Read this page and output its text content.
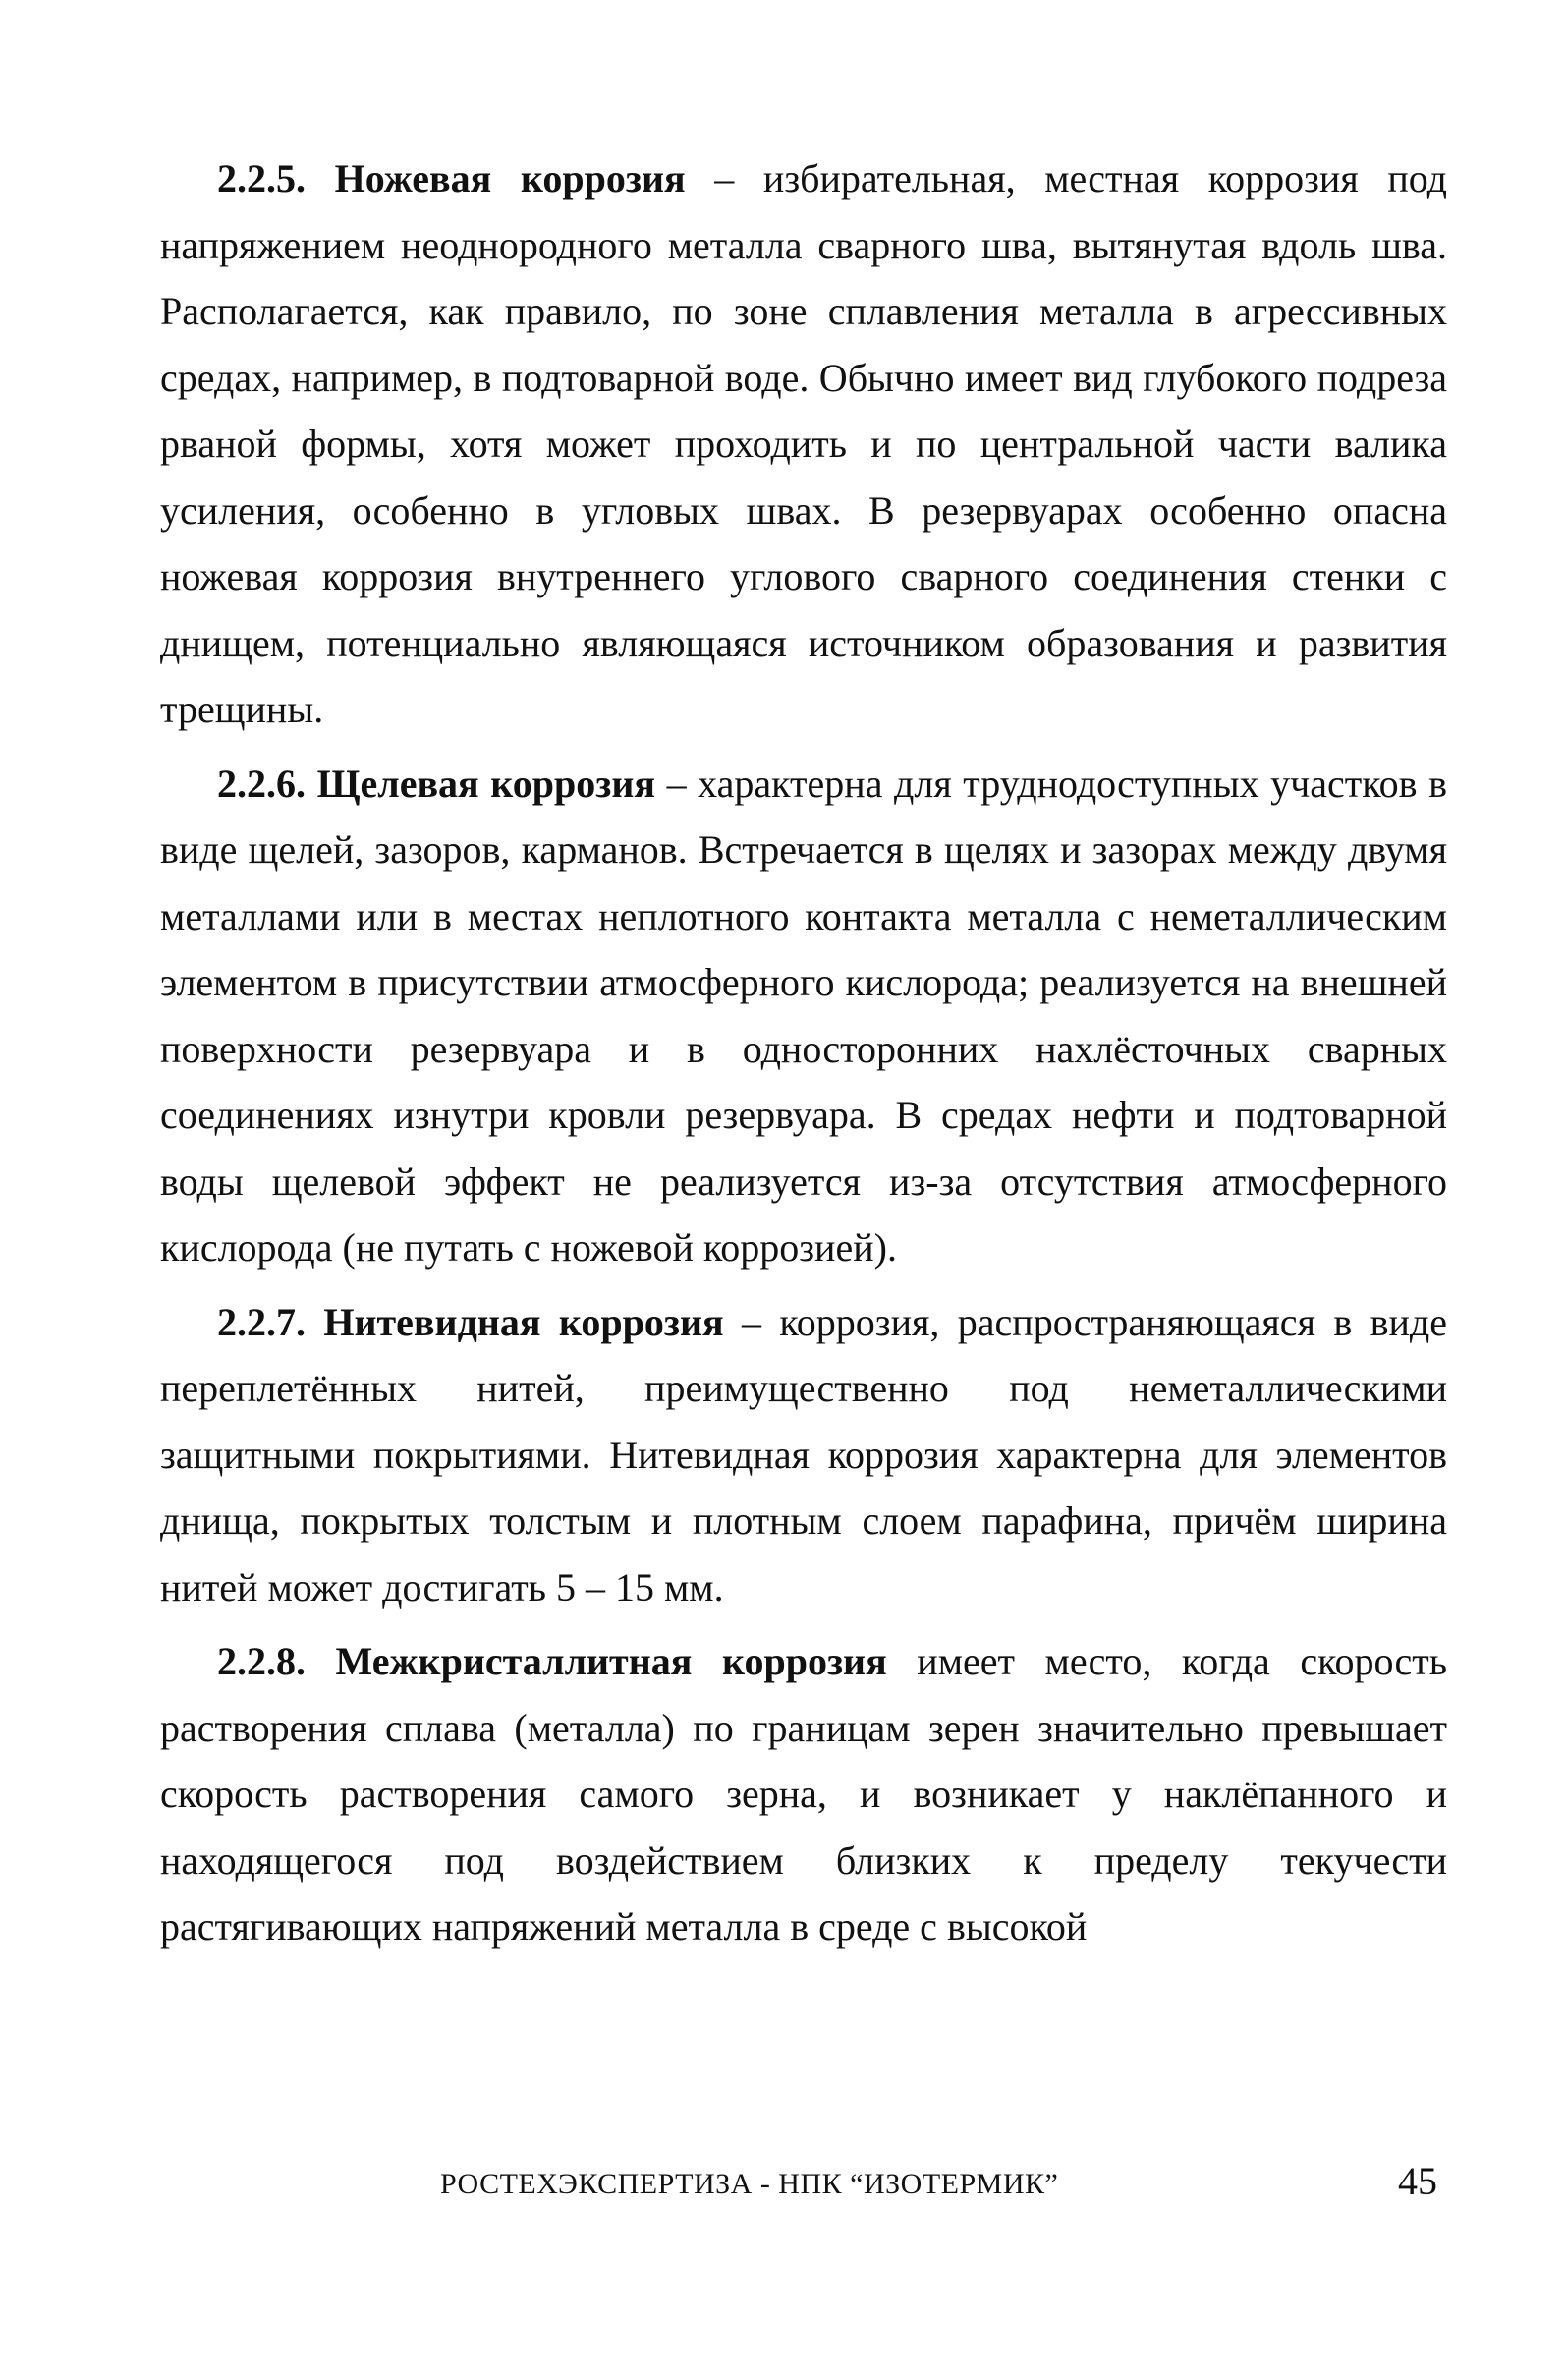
2.2.5. Ножевая коррозия – избирательная, местная коррозия под напряжением неоднородного металла сварного шва, вытянутая вдоль шва. Располагается, как правило, по зоне сплавления металла в агрессивных средах, например, в подтоварной воде. Обычно имеет вид глубокого подреза рваной формы, хотя может проходить и по центральной части валика усиления, особенно в угловых швах. В резервуарах особенно опасна ножевая коррозия внутреннего углового сварного соединения стенки с днищем, потенциально являющаяся источником образования и развития трещины.

2.2.6. Щелевая коррозия – характерна для труднодоступных участков в виде щелей, зазоров, карманов. Встречается в щелях и зазорах между двумя металлами или в местах неплотного контакта металла с неметаллическим элементом в присутствии атмосферного кислорода; реализуется на внешней поверхности резервуара и в односторонних нахлёсточных сварных соединениях изнутри кровли резервуара. В средах нефти и подтоварной воды щелевой эффект не реализуется из-за отсутствия атмосферного кислорода (не путать с ножевой коррозией).

2.2.7. Нитевидная коррозия – коррозия, распространяющаяся в виде переплетённых нитей, преимущественно под неметаллическими защитными покрытиями. Нитевидная коррозия характерна для элементов днища, покрытых толстым и плотным слоем парафина, причём ширина нитей может достигать 5 – 15 мм.

2.2.8. Межкристаллитная коррозия имеет место, когда скорость растворения сплава (металла) по границам зерен значительно превышает скорость растворения самого зерна, и возникает у наклёпанного и находящегося под воздействием близких к пределу текучести растягивающих напряжений металла в среде с высокой

РОСТЕХЭКСПЕРТИЗА - НПК “ИЗОТЕРМИК”	45
